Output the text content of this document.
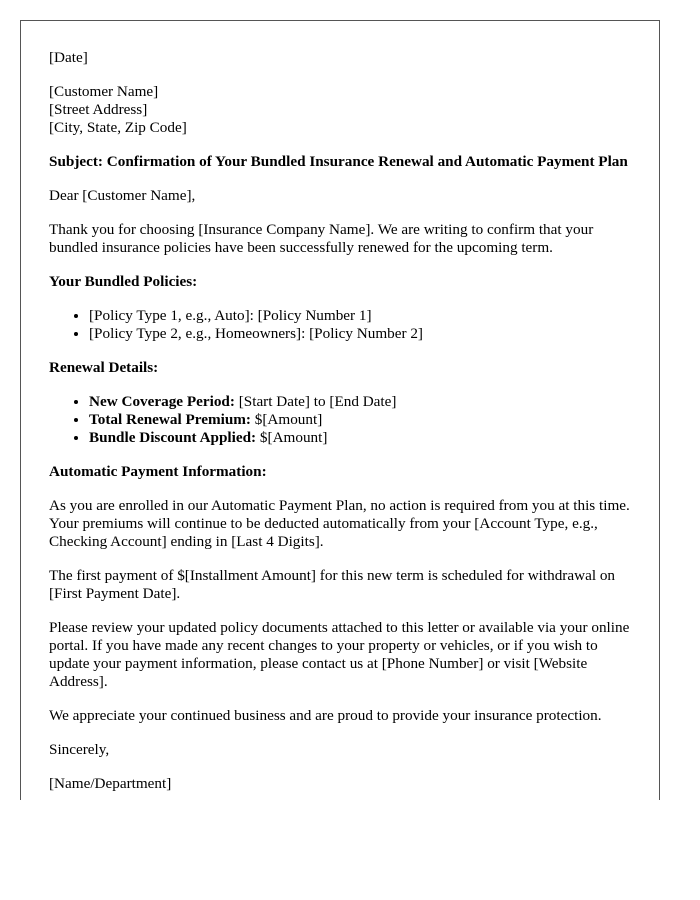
[Date]

[Customer Name]
[Street Address]
[City, State, Zip Code]

Subject: Confirmation of Your Bundled Insurance Renewal and Automatic Payment Plan

Dear [Customer Name],

Thank you for choosing [Insurance Company Name]. We are writing to confirm that your bundled insurance policies have been successfully renewed for the upcoming term.

Your Bundled Policies:

• [Policy Type 1, e.g., Auto]: [Policy Number 1]
• [Policy Type 2, e.g., Homeowners]: [Policy Number 2]

Renewal Details:

• New Coverage Period: [Start Date] to [End Date]
• Total Renewal Premium: $[Amount]
• Bundle Discount Applied: $[Amount]

Automatic Payment Information:

As you are enrolled in our Automatic Payment Plan, no action is required from you at this time. Your premiums will continue to be deducted automatically from your [Account Type, e.g., Checking Account] ending in [Last 4 Digits].

The first payment of $[Installment Amount] for this new term is scheduled for withdrawal on [First Payment Date].

Please review your updated policy documents attached to this letter or available via your online portal. If you have made any recent changes to your property or vehicles, or if you wish to update your payment information, please contact us at [Phone Number] or visit [Website Address].

We appreciate your continued business and are proud to provide your insurance protection.

Sincerely,

[Name/Department]
